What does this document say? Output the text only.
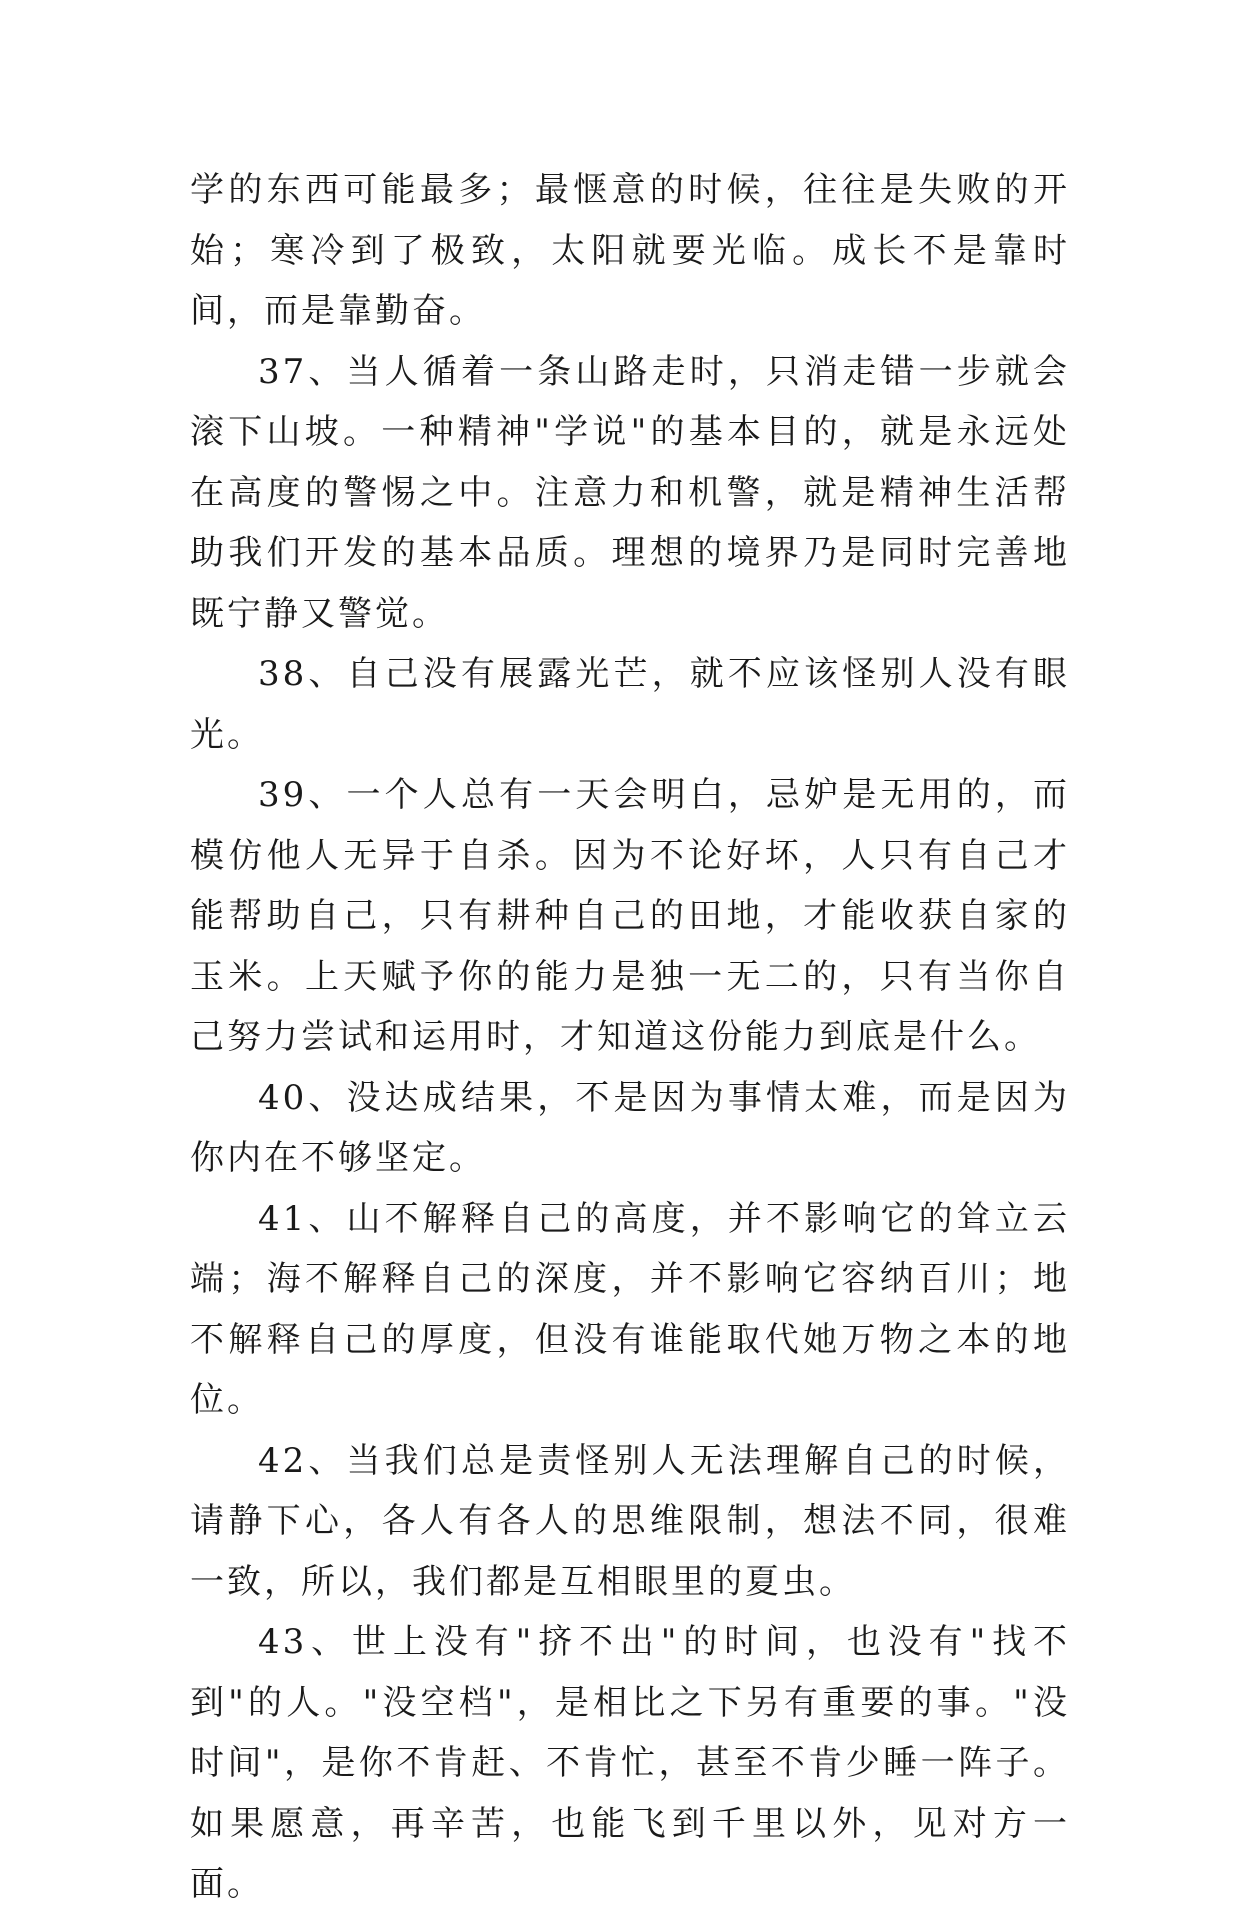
学的东西可能最多；最惬意的时候，往往是失败的开始；寒冷到了极致，太阳就要光临。成长不是靠时间，而是靠勤奋。

37、当人循着一条山路走时，只消走错一步就会滚下山坡。一种精神"学说"的基本目的，就是永远处在高度的警惕之中。注意力和机警，就是精神生活帮助我们开发的基本品质。理想的境界乃是同时完善地既宁静又警觉。

38、自己没有展露光芒，就不应该怪别人没有眼光。

39、一个人总有一天会明白，忌妒是无用的，而模仿他人无异于自杀。因为不论好坏，人只有自己才能帮助自己，只有耕种自己的田地，才能收获自家的玉米。上天赋予你的能力是独一无二的，只有当你自己努力尝试和运用时，才知道这份能力到底是什么。

40、没达成结果，不是因为事情太难，而是因为你内在不够坚定。

41、山不解释自己的高度，并不影响它的耸立云端；海不解释自己的深度，并不影响它容纳百川；地不解释自己的厚度，但没有谁能取代她万物之本的地位。

42、当我们总是责怪别人无法理解自己的时候，请静下心，各人有各人的思维限制，想法不同，很难一致，所以，我们都是互相眼里的夏虫。

43、世上没有"挤不出"的时间，也没有"找不到"的人。"没空档"，是相比之下另有重要的事。"没时间"，是你不肯赶、不肯忙，甚至不肯少睡一阵子。如果愿意，再辛苦，也能飞到千里以外，见对方一面。
